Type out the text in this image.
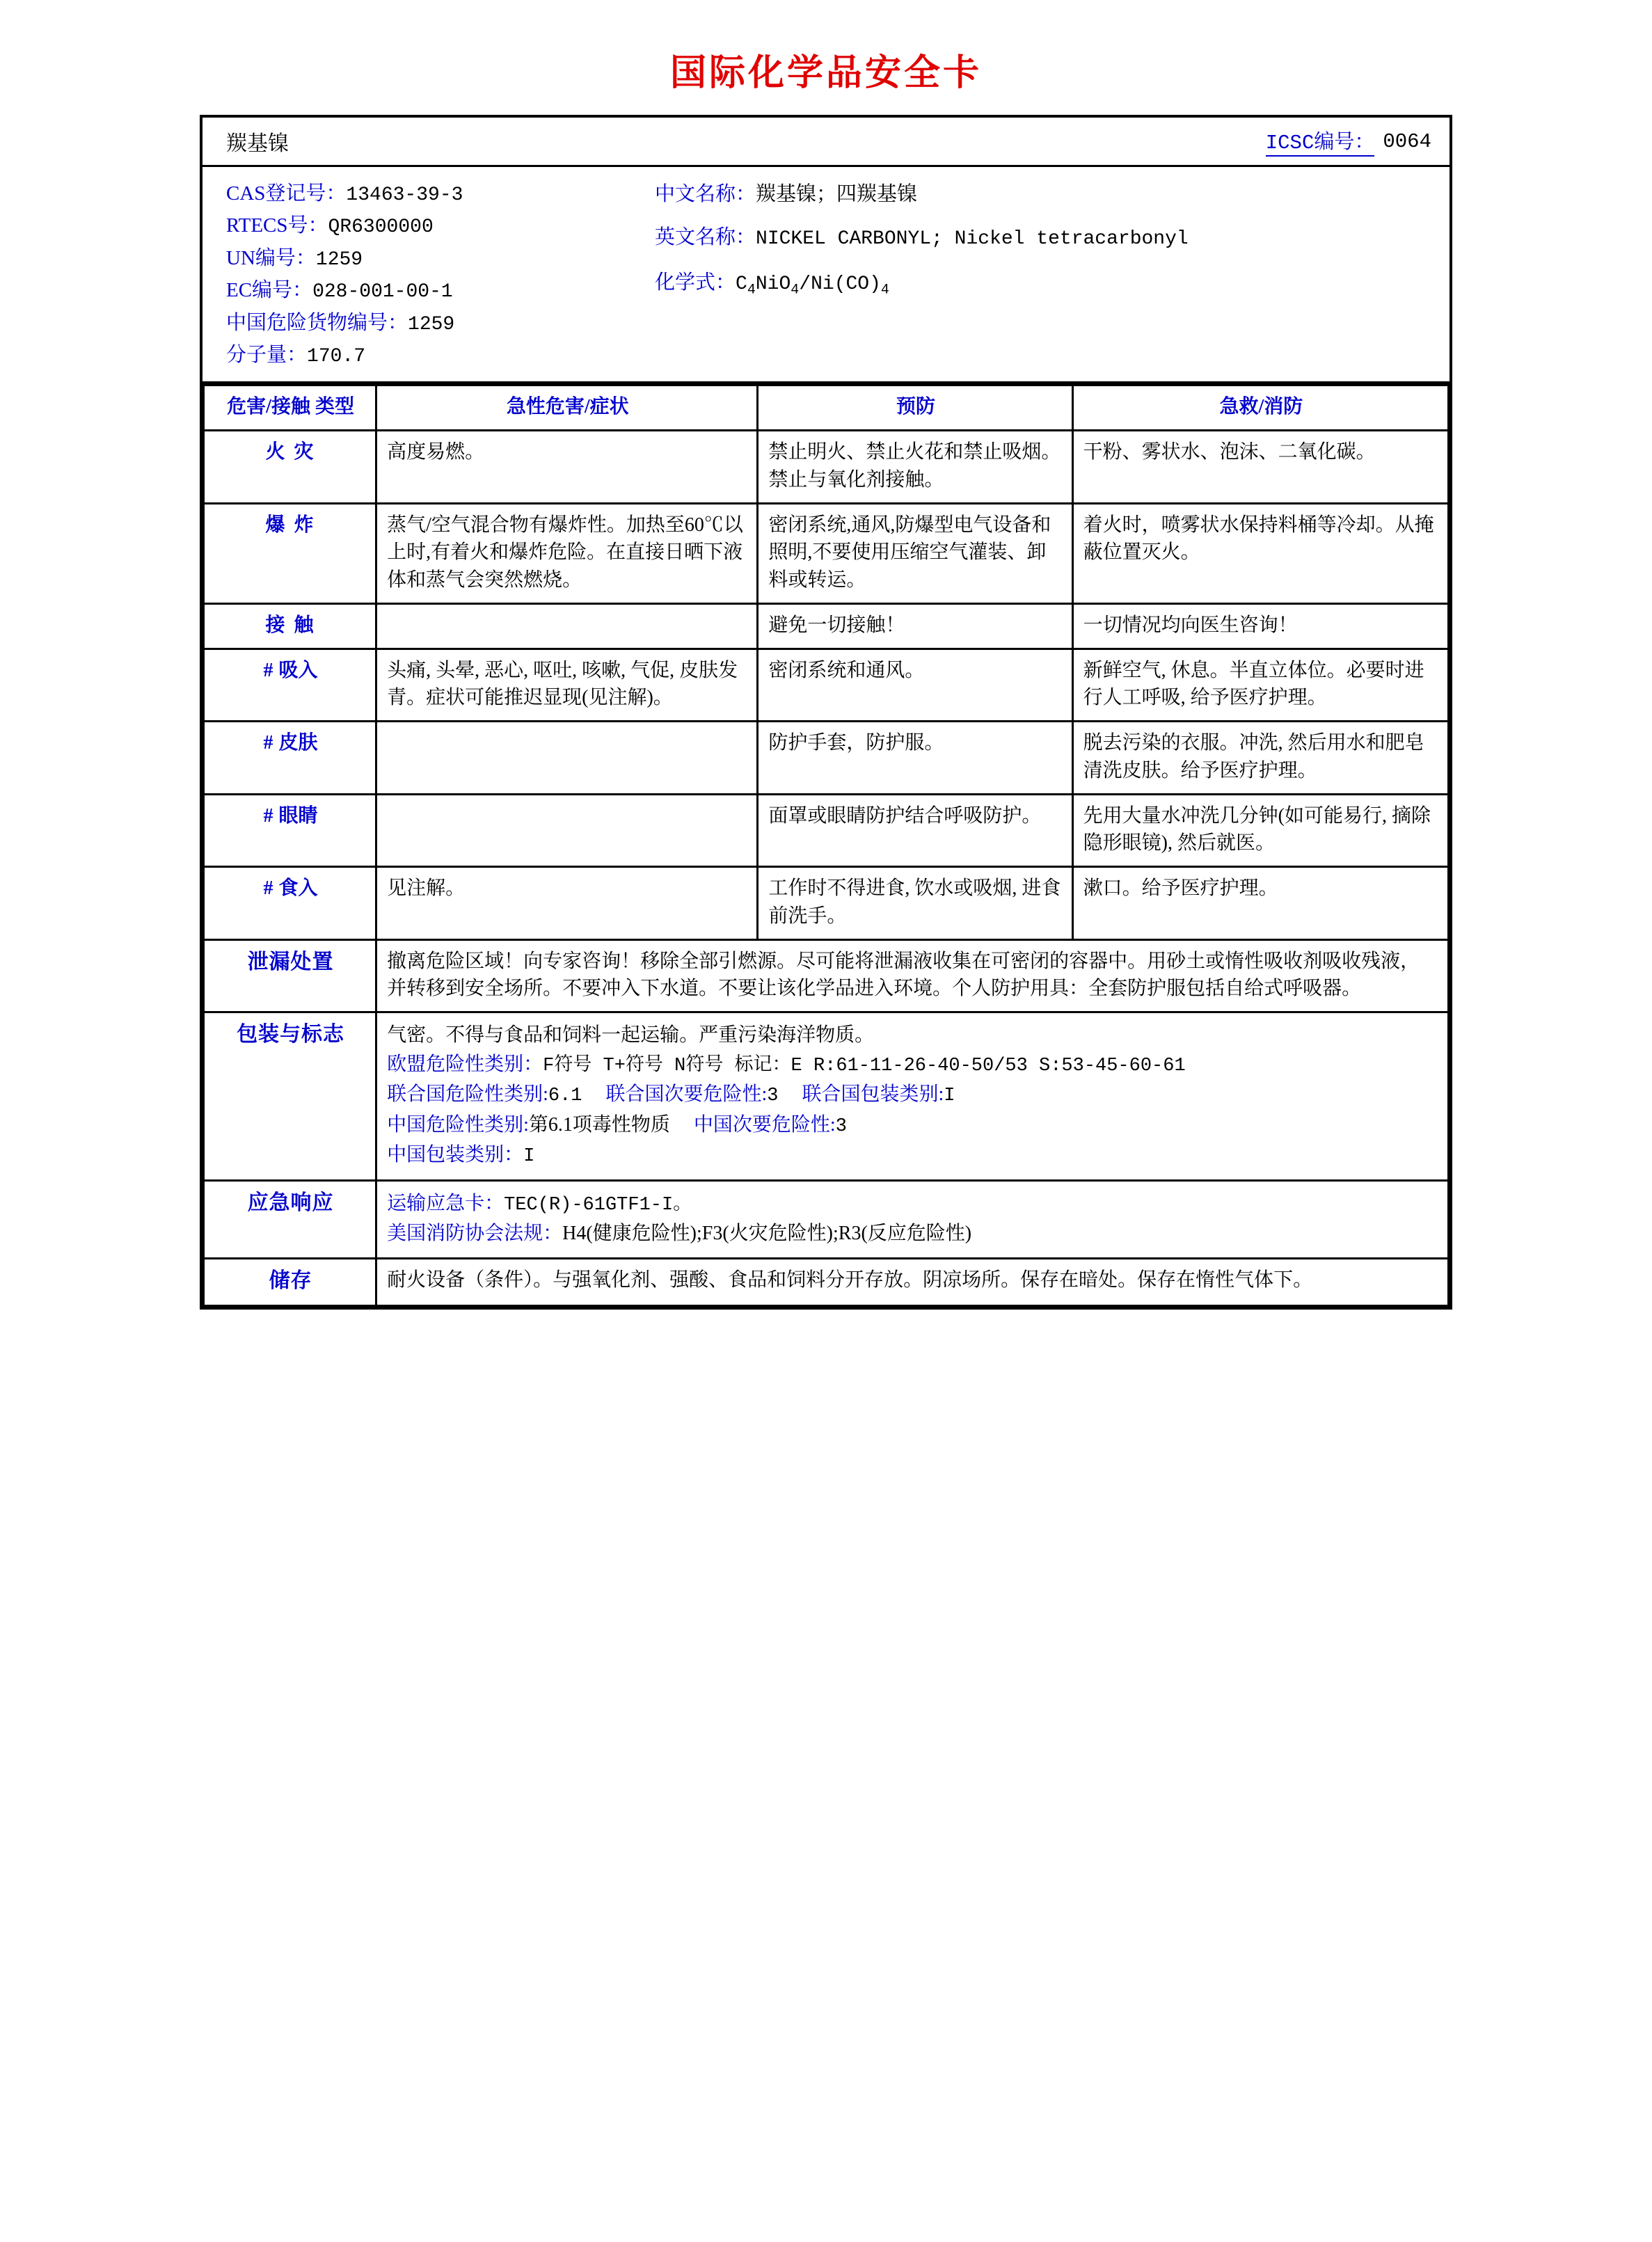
国际化学品安全卡
羰基镍	ICSC编号： 0064
CAS登记号：13463-39-3
RTECS号：QR6300000
UN编号：1259
EC编号：028-001-00-1
中国危险货物编号：1259
分子量：170.7
中文名称：羰基镍；四羰基镍
英文名称：NICKEL CARBONYL; Nickel tetracarbonyl
化学式： $C_4NiO_4/Ni(CO)_4$
危害/接触 类型	急性危害/症状	预防	急救/消防
火 灾	高度易燃。	禁止明火、禁止火花和禁止吸烟。禁止与氧化剂接触。	干粉、雾状水、泡沫、二氧化碳。
爆 炸	蒸气/空气混合物有爆炸性。加热至60℃以上时,有着火和爆炸危险。在直接日晒下液体和蒸气会突然燃烧。	密闭系统,通风,防爆型电气设备和照明,不要使用压缩空气灌装、卸料或转运。	着火时，喷雾状水保持料桶等冷却。从掩蔽位置灭火。
接 触		避免一切接触！	一切情况均向医生咨询！
# 吸入	头痛, 头晕, 恶心, 呕吐, 咳嗽, 气促, 皮肤发青。症状可能推迟显现(见注解)。	密闭系统和通风。	新鲜空气, 休息。半直立体位。必要时进行人工呼吸, 给予医疗护理。
# 皮肤		防护手套，防护服。	脱去污染的衣服。冲洗, 然后用水和肥皂清洗皮肤。给予医疗护理。
# 眼睛		面罩或眼睛防护结合呼吸防护。	先用大量水冲洗几分钟(如可能易行, 摘除隐形眼镜), 然后就医。
# 食入	见注解。	工作时不得进食, 饮水或吸烟, 进食前洗手。	漱口。给予医疗护理。
泄漏处置	撤离危险区域！向专家咨询！移除全部引燃源。尽可能将泄漏液收集在可密闭的容器中。用砂土或惰性吸收剂吸收残液，并转移到安全场所。不要冲入下水道。不要让该化学品进入环境。个人防护用具：全套防护服包括自给式呼吸器。		
包装与标志	气密。不得与食品和饲料一起运输。严重污染海洋物质。
欧盟危险性类别：F符号 T+符号 N符号 标记：E R:61-11-26-40-50/53 S:53-45-60-61
联合国危险性类别:6.1 联合国次要危险性:3 联合国包装类别:I
中国危险性类别:第6.1项毒性物质 中国次要危险性:3
中国包装类别：I		

应急响应	运输应急卡：TEC(R)-61GTF1-I。
美国消防协会法规：H4(健康危险性);F3(火灾危险性);R3(反应危险性)		

储存	耐火设备（条件）。与强氧化剂、强酸、食品和饲料分开存放。阴凉场所。保存在暗处。保存在惰性气体下。		
